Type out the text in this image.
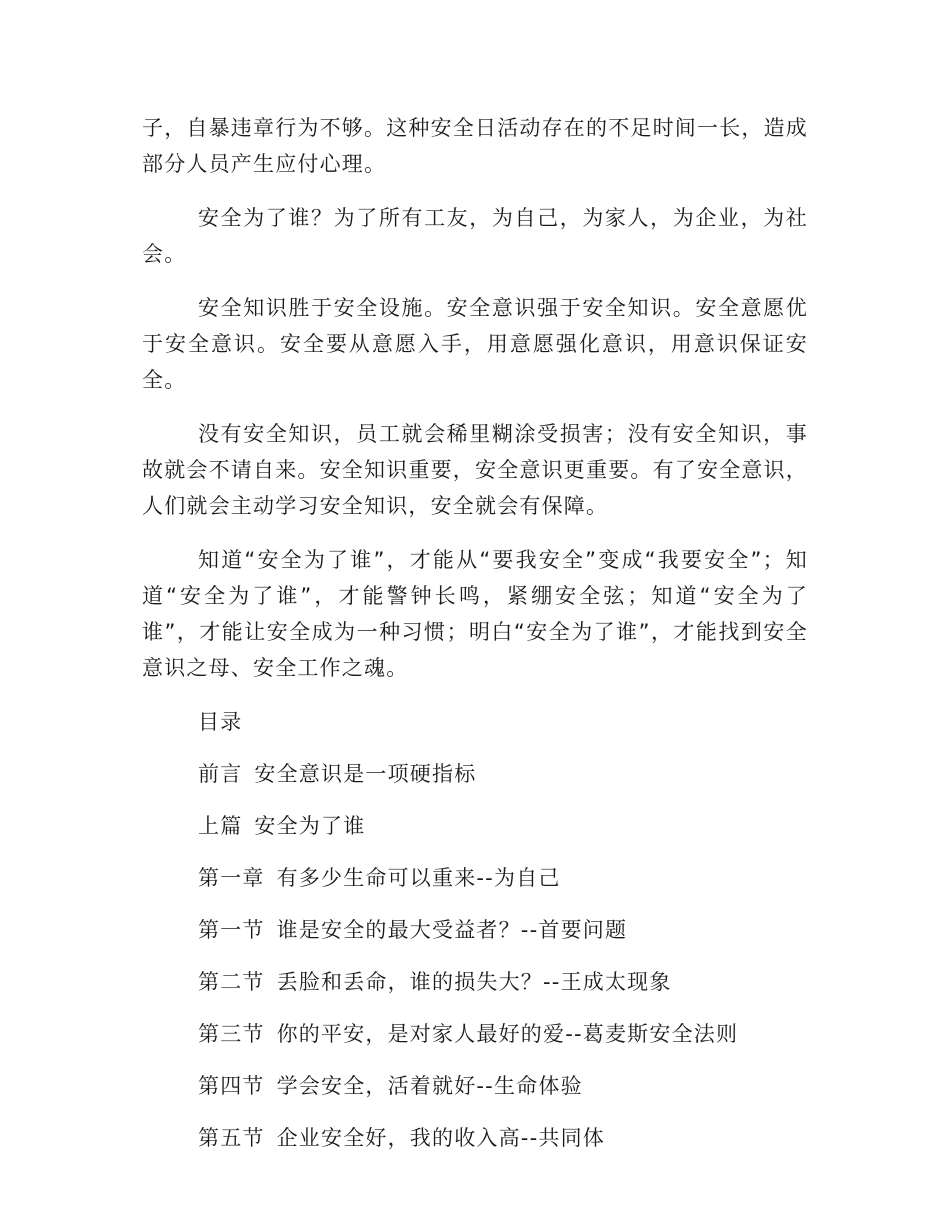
子，自暴违章行为不够。这种安全日活动存在的不足时间一长，造成部分人员产生应付心理。

安全为了谁？为了所有工友，为自己，为家人，为企业，为社会。

安全知识胜于安全设施。安全意识强于安全知识。安全意愿优于安全意识。安全要从意愿入手，用意愿强化意识，用意识保证安全。

没有安全知识，员工就会稀里糊涂受损害；没有安全知识，事故就会不请自来。安全知识重要，安全意识更重要。有了安全意识，人们就会主动学习安全知识，安全就会有保障。

知道“安全为了谁”，才能从“要我安全”变成“我要安全”；知道“安全为了谁”，才能警钟长鸣，紧绷安全弦；知道“安全为了谁”，才能让安全成为一种习惯；明白“安全为了谁”，才能找到安全意识之母、安全工作之魂。

目录
前言 安全意识是一项硬指标
上篇 安全为了谁
第一章 有多少生命可以重来--为自己
第一节 谁是安全的最大受益者？--首要问题
第二节 丢脸和丢命，谁的损失大？--王成太现象
第三节 你的平安，是对家人最好的爱--葛麦斯安全法则
第四节 学会安全，活着就好--生命体验
第五节 企业安全好，我的收入高--共同体
